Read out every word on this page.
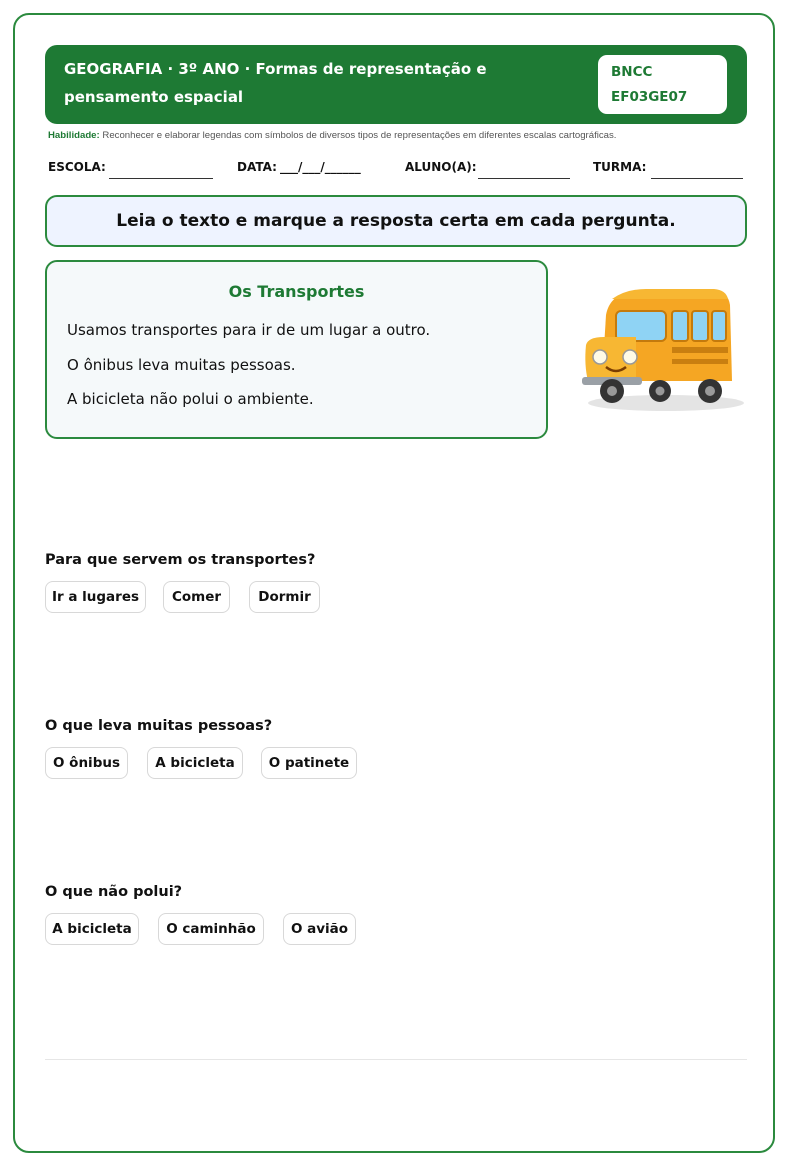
GEOGRAFIA · 3º ANO · Formas de representação e pensamento espacial
BNCC
EF03GE07
Habilidade: Reconhecer e elaborar legendas com símbolos de diversos tipos de representações em diferentes escalas cartográficas.
ESCOLA:	DATA: ___/___/______	ALUNO(A):	TURMA:
Leia o texto e marque a resposta certa em cada pergunta.
Os Transportes
Usamos transportes para ir de um lugar a outro.
O ônibus leva muitas pessoas.
A bicicleta não polui o ambiente.
Para que servem os transportes?
Ir a lugares	Comer	Dormir
O que leva muitas pessoas?
O ônibus	A bicicleta	O patinete
O que não polui?
A bicicleta	O caminhão	O avião
